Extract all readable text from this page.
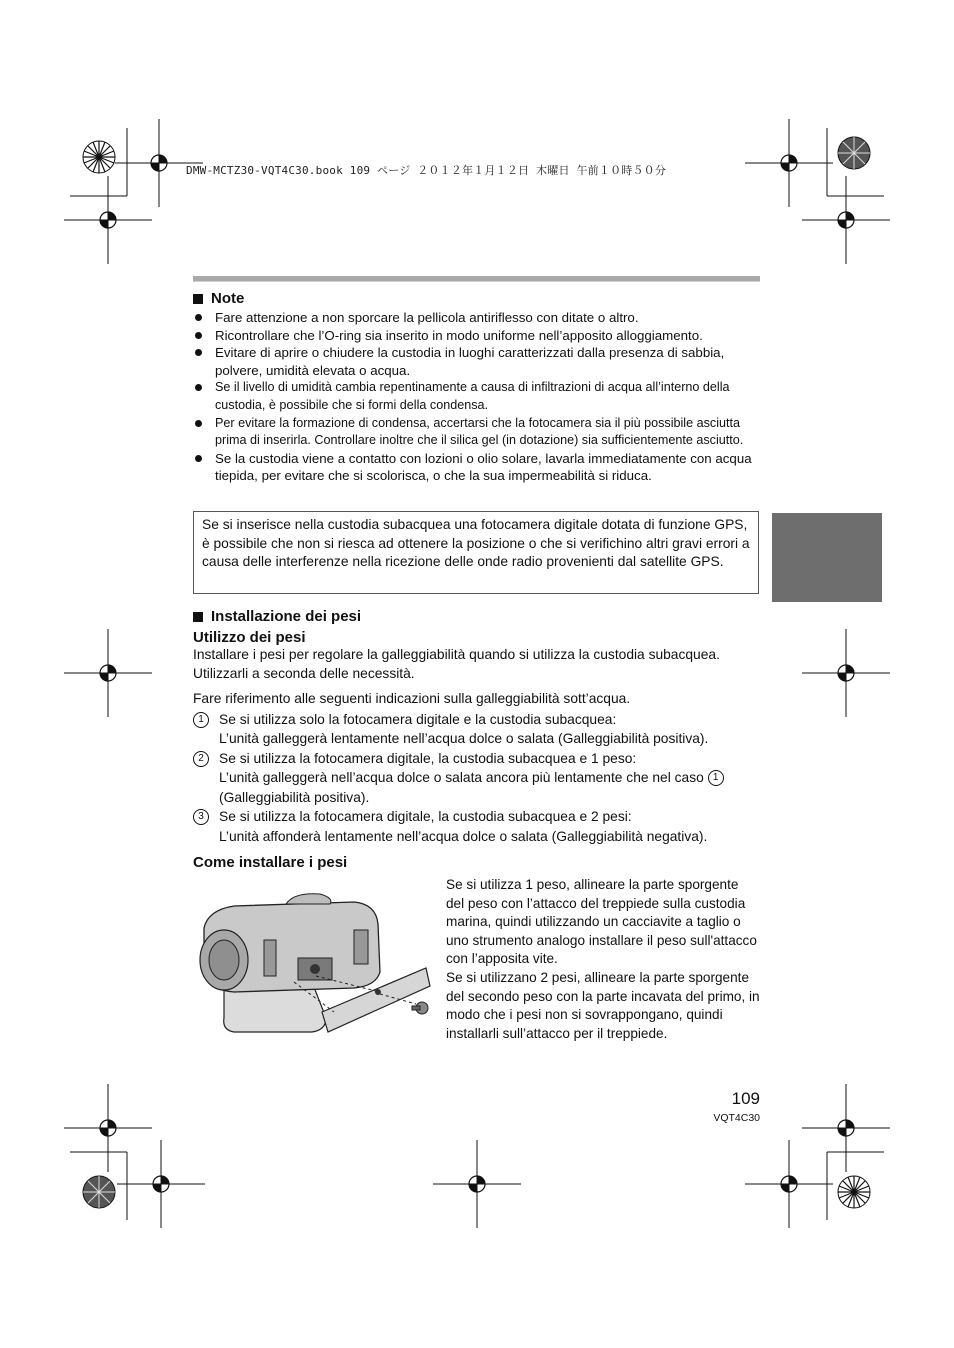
DMW-MCTZ30-VQT4C30.book 109 ページ ２０１２年１月１２日 木曜日 午前１０時５０分
Note
Fare attenzione a non sporcare la pellicola antiriflesso con ditate o altro.
Ricontrollare che l’O-ring sia inserito in modo uniforme nell’apposito alloggiamento.
Evitare di aprire o chiudere la custodia in luoghi caratterizzati dalla presenza di sabbia, polvere, umidità elevata o acqua.
Se il livello di umidità cambia repentinamente a causa di infiltrazioni di acqua all’interno della custodia, è possibile che si formi della condensa.
Per evitare la formazione di condensa, accertarsi che la fotocamera sia il più possibile asciutta prima di inserirla. Controllare inoltre che il silica gel (in dotazione) sia sufficientemente asciutto.
Se la custodia viene a contatto con lozioni o olio solare, lavarla immediatamente con acqua tiepida, per evitare che si scolorisca, o che la sua impermeabilità si riduca.
Se si inserisce nella custodia subacquea una fotocamera digitale dotata di funzione GPS, è possibile che non si riesca ad ottenere la posizione o che si verifichino altri gravi errori a causa delle interferenze nella ricezione delle onde radio provenienti dal satellite GPS.
Installazione dei pesi
Utilizzo dei pesi
Installare i pesi per regolare la galleggiabilità quando si utilizza la custodia subacquea. Utilizzarli a seconda delle necessità.
Fare riferimento alle seguenti indicazioni sulla galleggiabilità sott’acqua.
1	Se si utilizza solo la fotocamera digitale e la custodia subacquea:
L’unità galleggerà lentamente nell’acqua dolce o salata (Galleggiabilità positiva).
2	Se si utilizza la fotocamera digitale, la custodia subacquea e 1 peso:
L’unità galleggerà nell’acqua dolce o salata ancora più lentamente che nel caso 1 (Galleggiabilità positiva).
3	Se si utilizza la fotocamera digitale, la custodia subacquea e 2 pesi:
L’unità affonderà lentamente nell’acqua dolce o salata (Galleggiabilità negativa).
Come installare i pesi
Se si utilizza 1 peso, allineare la parte sporgente del peso con l’attacco del treppiede sulla custodia marina, quindi utilizzando un cacciavite a taglio o uno strumento analogo installare il peso sull'attacco con l’apposita vite.
Se si utilizzano 2 pesi, allineare la parte sporgente del secondo peso con la parte incavata del primo, in modo che i pesi non si sovrappongano, quindi installarli sull’attacco per il treppiede.
109
VQT4C30
